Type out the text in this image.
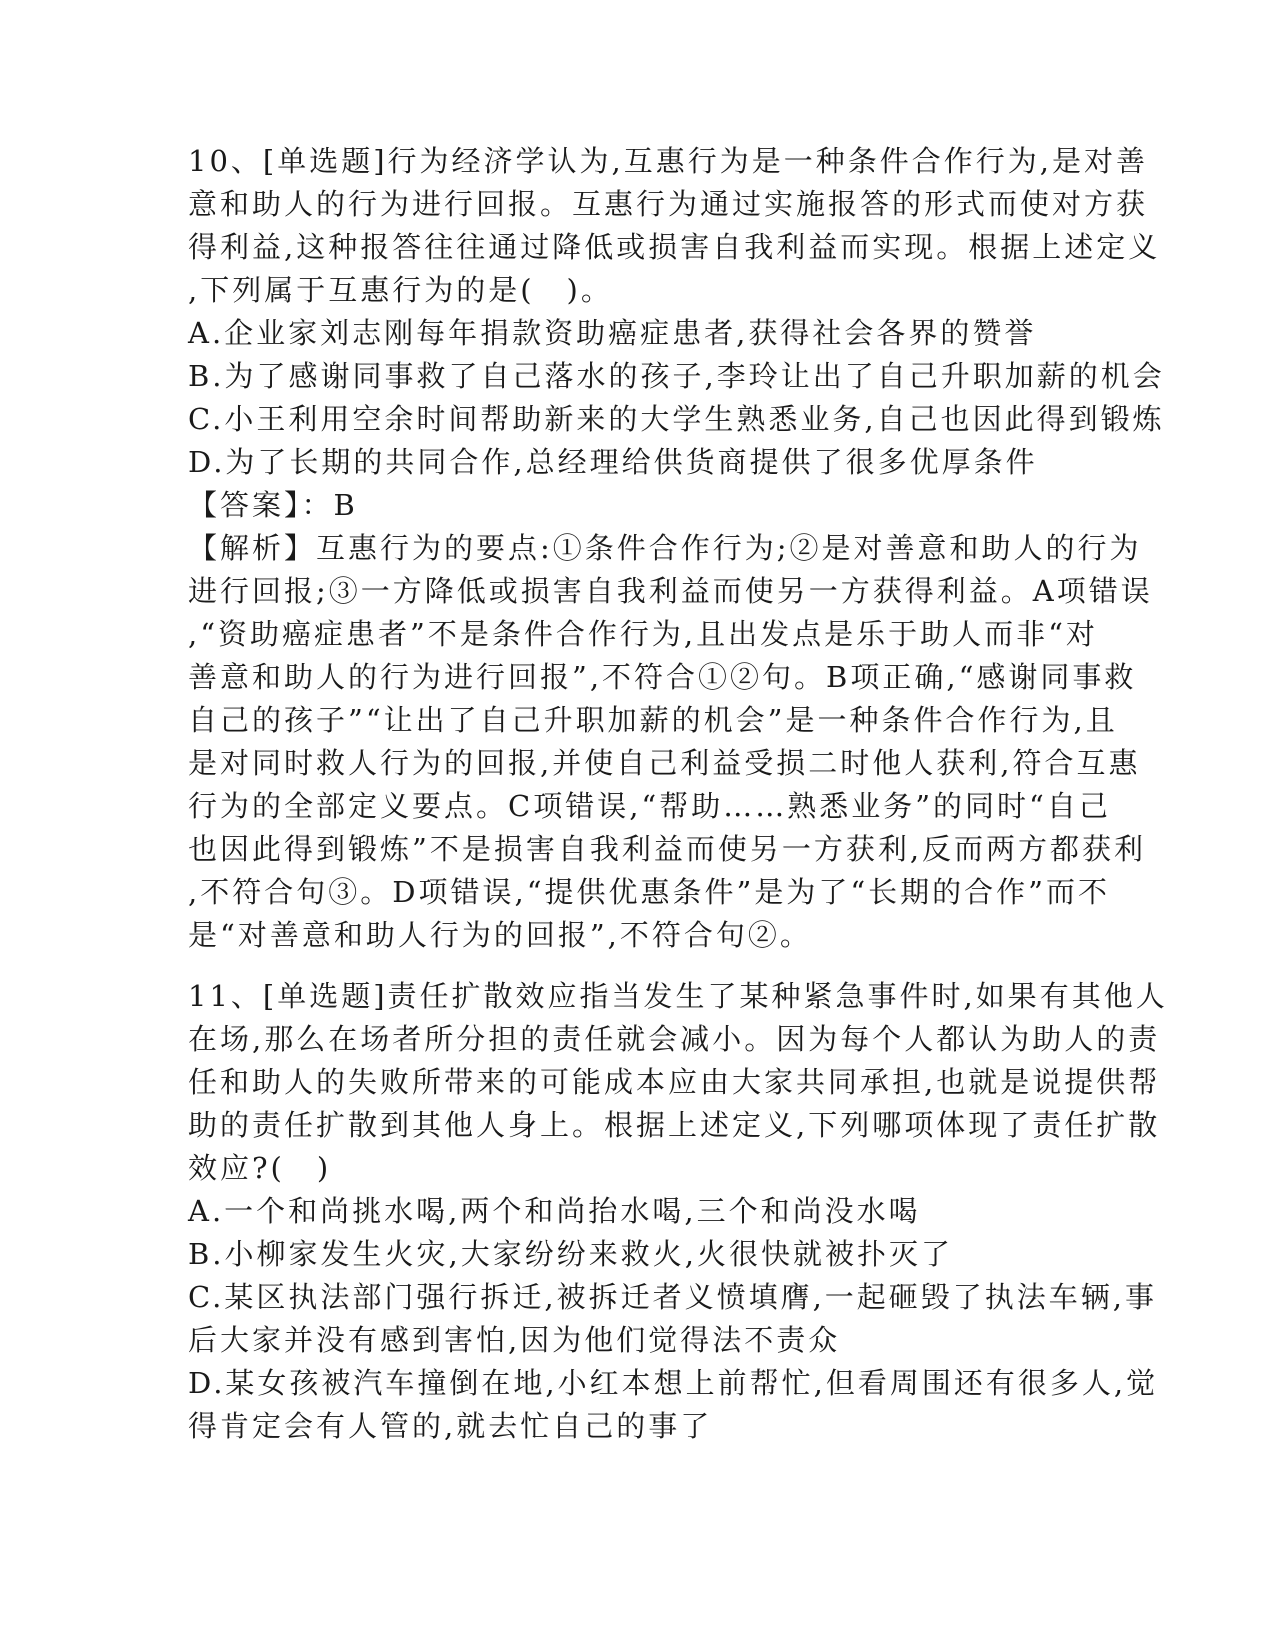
10、[单选题]行为经济学认为,互惠行为是一种条件合作行为,是对善
意和助人的行为进行回报。互惠行为通过实施报答的形式而使对方获
得利益,这种报答往往通过降低或损害自我利益而实现。根据上述定义
,下列属于互惠行为的是(　)。
A.企业家刘志刚每年捐款资助癌症患者,获得社会各界的赞誉
B.为了感谢同事救了自己落水的孩子,李玲让出了自己升职加薪的机会
C.小王利用空余时间帮助新来的大学生熟悉业务,自己也因此得到锻炼
D.为了长期的共同合作,总经理给供货商提供了很多优厚条件
【答案】：B
【解析】互惠行为的要点:①条件合作行为;②是对善意和助人的行为
进行回报;③一方降低或损害自我利益而使另一方获得利益。A项错误
,“资助癌症患者”不是条件合作行为,且出发点是乐于助人而非“对
善意和助人的行为进行回报”,不符合①②句。B项正确,“感谢同事救
自己的孩子”“让出了自己升职加薪的机会”是一种条件合作行为,且
是对同时救人行为的回报,并使自己利益受损二时他人获利,符合互惠
行为的全部定义要点。C项错误,“帮助……熟悉业务”的同时“自己
也因此得到锻炼”不是损害自我利益而使另一方获利,反而两方都获利
,不符合句③。D项错误,“提供优惠条件”是为了“长期的合作”而不
是“对善意和助人行为的回报”,不符合句②。
11、[单选题]责任扩散效应指当发生了某种紧急事件时,如果有其他人
在场,那么在场者所分担的责任就会减小。因为每个人都认为助人的责
任和助人的失败所带来的可能成本应由大家共同承担,也就是说提供帮
助的责任扩散到其他人身上。根据上述定义,下列哪项体现了责任扩散
效应?(　)
A.一个和尚挑水喝,两个和尚抬水喝,三个和尚没水喝
B.小柳家发生火灾,大家纷纷来救火,火很快就被扑灭了
C.某区执法部门强行拆迁,被拆迁者义愤填膺,一起砸毁了执法车辆,事
后大家并没有感到害怕,因为他们觉得法不责众
D.某女孩被汽车撞倒在地,小红本想上前帮忙,但看周围还有很多人,觉
得肯定会有人管的,就去忙自己的事了
